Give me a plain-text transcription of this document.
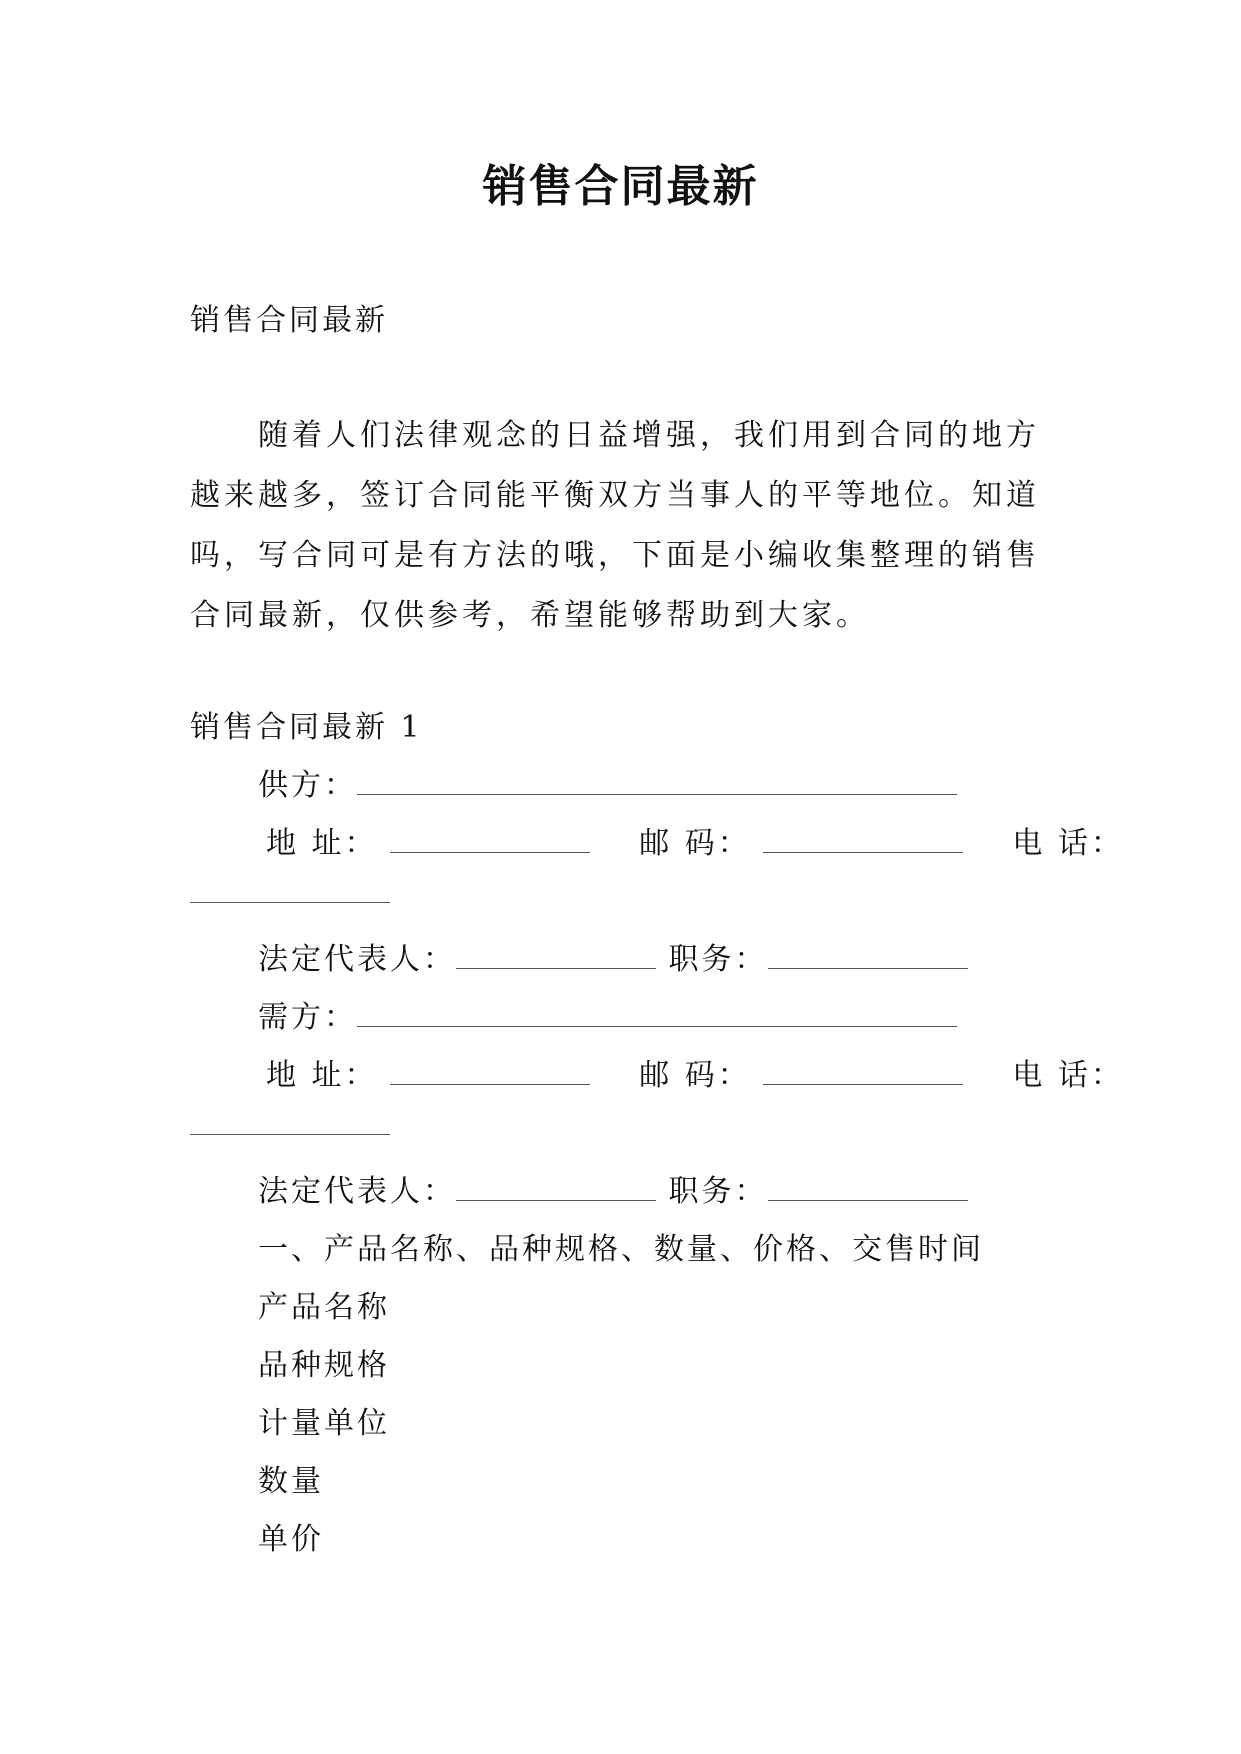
销售合同最新
销售合同最新
随着人们法律观念的日益增强，我们用到合同的地方越来越多，签订合同能平衡双方当事人的平等地位。知道吗，写合同可是有方法的哦，下面是小编收集整理的销售合同最新，仅供参考，希望能够帮助到大家。
销售合同最新 1
供方：
地 址：	邮 码：	电 话：
法定代表人：	职务：
需方：
地 址：	邮 码：	电 话：
法定代表人：	职务：
一、产品名称、品种规格、数量、价格、交售时间
产品名称
品种规格
计量单位
数量
单价
